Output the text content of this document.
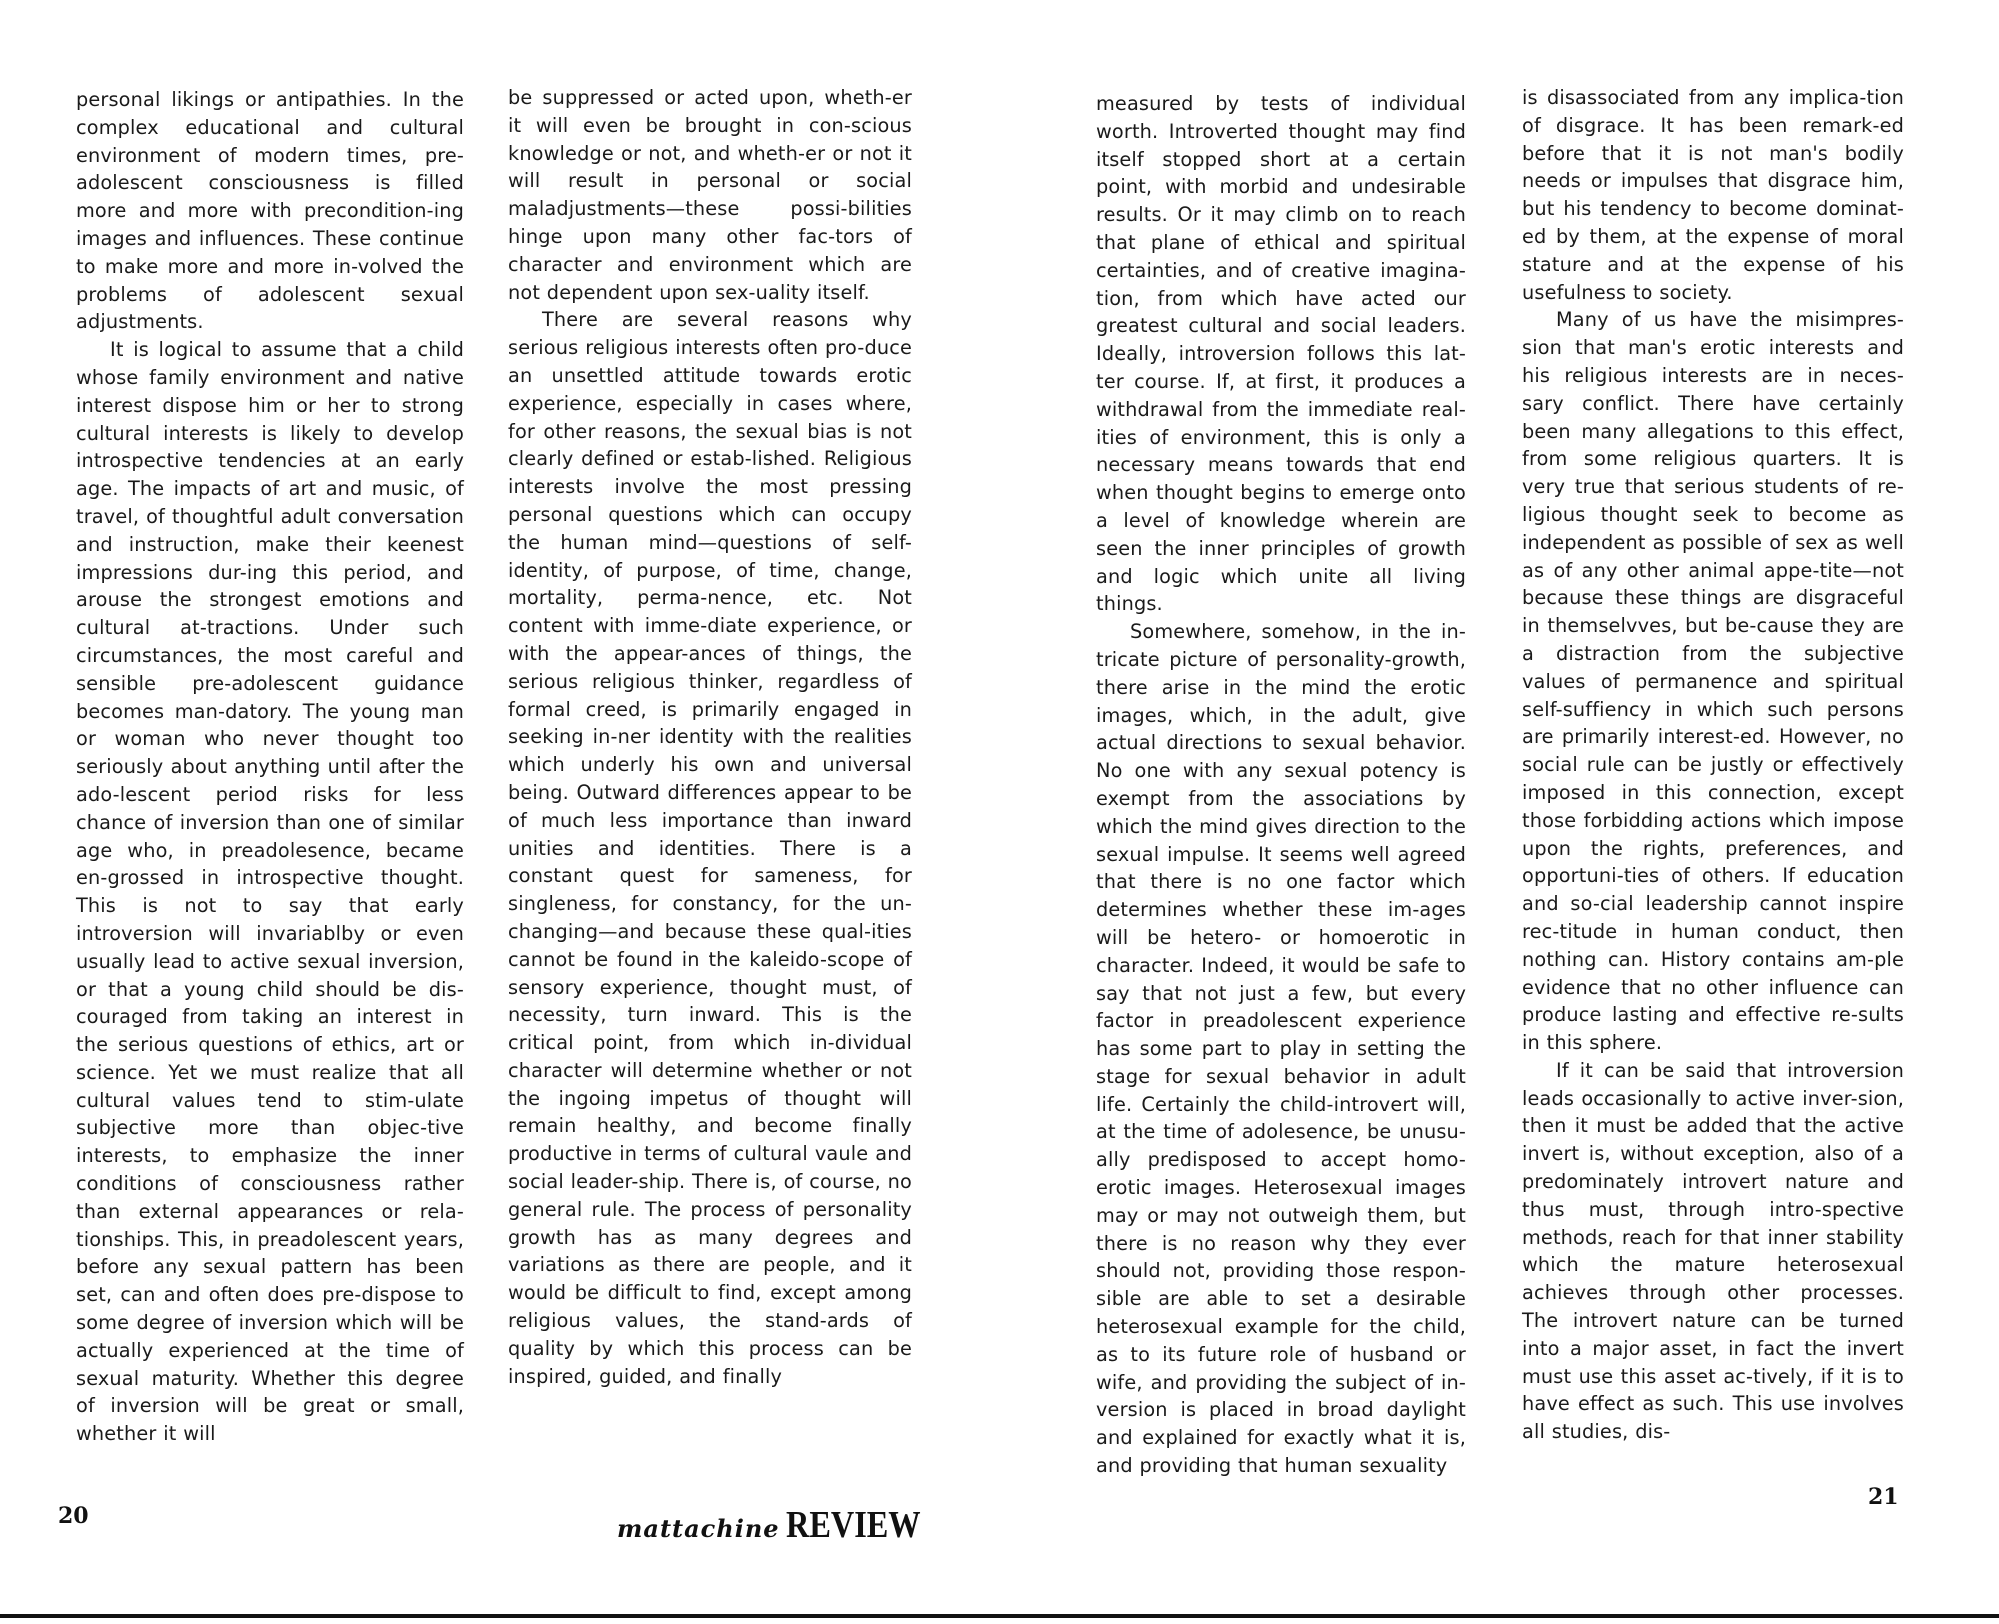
personal likings or antipathies. In the complex educational and cultural environment of modern times, pre-adolescent consciousness is filled more and more with precondition-ing images and influences. These continue to make more and more in-volved the problems of adolescent sexual adjustments.

It is logical to assume that a child whose family environment and native interest dispose him or her to strong cultural interests is likely to develop introspective tendencies at an early age. The impacts of art and music, of travel, of thoughtful adult conversation and instruction, make their keenest impressions dur-ing this period, and arouse the strongest emotions and cultural at-tractions. Under such circumstances, the most careful and sensible pre-adolescent guidance becomes man-datory. The young man or woman who never thought too seriously about anything until after the ado-lescent period risks for less chance of inversion than one of similar age who, in preadolesence, became en-grossed in introspective thought. This is not to say that early introversion will invariablby or even usually lead to active sexual inversion, or that a young child should be dis-couraged from taking an interest in the serious questions of ethics, art or science. Yet we must realize that all cultural values tend to stim-ulate subjective more than objec-tive interests, to emphasize the inner conditions of consciousness rather than external appearances or rela-tionships. This, in preadolescent years, before any sexual pattern has been set, can and often does pre-dispose to some degree of inversion which will be actually experienced at the time of sexual maturity. Whether this degree of inversion will be great or small, whether it will

be suppressed or acted upon, wheth-er it will even be brought in con-scious knowledge or not, and wheth-er or not it will result in personal or social maladjustments—these possi-bilities hinge upon many other fac-tors of character and environment which are not dependent upon sex-uality itself.

There are several reasons why serious religious interests often pro-duce an unsettled attitude towards erotic experience, especially in cases where, for other reasons, the sexual bias is not clearly defined or estab-lished. Religious interests involve the most pressing personal questions which can occupy the human mind—questions of self-identity, of purpose, of time, change, mortality, perma-nence, etc. Not content with imme-diate experience, or with the appear-ances of things, the serious religious thinker, regardless of formal creed, is primarily engaged in seeking in-ner identity with the realities which underly his own and universal being. Outward differences appear to be of much less importance than inward unities and identities. There is a constant quest for sameness, for singleness, for constancy, for the un-changing—and because these qual-ities cannot be found in the kaleido-scope of sensory experience, thought must, of necessity, turn inward. This is the critical point, from which in-dividual character will determine whether or not the ingoing impetus of thought will remain healthy, and become finally productive in terms of cultural vaule and social leader-ship. There is, of course, no general rule. The process of personality growth has as many degrees and variations as there are people, and it would be difficult to find, except among religious values, the stand-ards of quality by which this process can be inspired, guided, and finally

20	mattachine REVIEW

measured by tests of individual worth. Introverted thought may find itself stopped short at a certain point, with morbid and undesirable results. Or it may climb on to reach that plane of ethical and spiritual certainties, and of creative imagina-tion, from which have acted our greatest cultural and social leaders. Ideally, introversion follows this lat-ter course. If, at first, it produces a withdrawal from the immediate real-ities of environment, this is only a necessary means towards that end when thought begins to emerge onto a level of knowledge wherein are seen the inner principles of growth and logic which unite all living things.

Somewhere, somehow, in the in-tricate picture of personality-growth, there arise in the mind the erotic images, which, in the adult, give actual directions to sexual behavior. No one with any sexual potency is exempt from the associations by which the mind gives direction to the sexual impulse. It seems well agreed that there is no one factor which determines whether these im-ages will be hetero- or homoerotic in character. Indeed, it would be safe to say that not just a few, but every factor in preadolescent experience has some part to play in setting the stage for sexual behavior in adult life. Certainly the child-introvert will, at the time of adolesence, be unusu-ally predisposed to accept homo-erotic images. Heterosexual images may or may not outweigh them, but there is no reason why they ever should not, providing those respon-sible are able to set a desirable heterosexual example for the child, as to its future role of husband or wife, and providing the subject of in-version is placed in broad daylight and explained for exactly what it is, and providing that human sexuality

is disassociated from any implica-tion of disgrace. It has been remark-ed before that it is not man's bodily needs or impulses that disgrace him, but his tendency to become dominat-ed by them, at the expense of moral stature and at the expense of his usefulness to society.

Many of us have the misimpres-sion that man's erotic interests and his religious interests are in neces-sary conflict. There have certainly been many allegations to this effect, from some religious quarters. It is very true that serious students of re-ligious thought seek to become as independent as possible of sex as well as of any other animal appe-tite—not because these things are disgraceful in themselvves, but be-cause they are a distraction from the subjective values of permanence and spiritual self-suffiency in which such persons are primarily interest-ed. However, no social rule can be justly or effectively imposed in this connection, except those forbidding actions which impose upon the rights, preferences, and opportuni-ties of others. If education and so-cial leadership cannot inspire rec-titude in human conduct, then nothing can. History contains am-ple evidence that no other influence can produce lasting and effective re-sults in this sphere.

If it can be said that introversion leads occasionally to active inver-sion, then it must be added that the active invert is, without exception, also of a predominately introvert nature and thus must, through intro-spective methods, reach for that inner stability which the mature heterosexual achieves through other processes. The introvert nature can be turned into a major asset, in fact the invert must use this asset ac-tively, if it is to have effect as such. This use involves all studies, dis-

21
